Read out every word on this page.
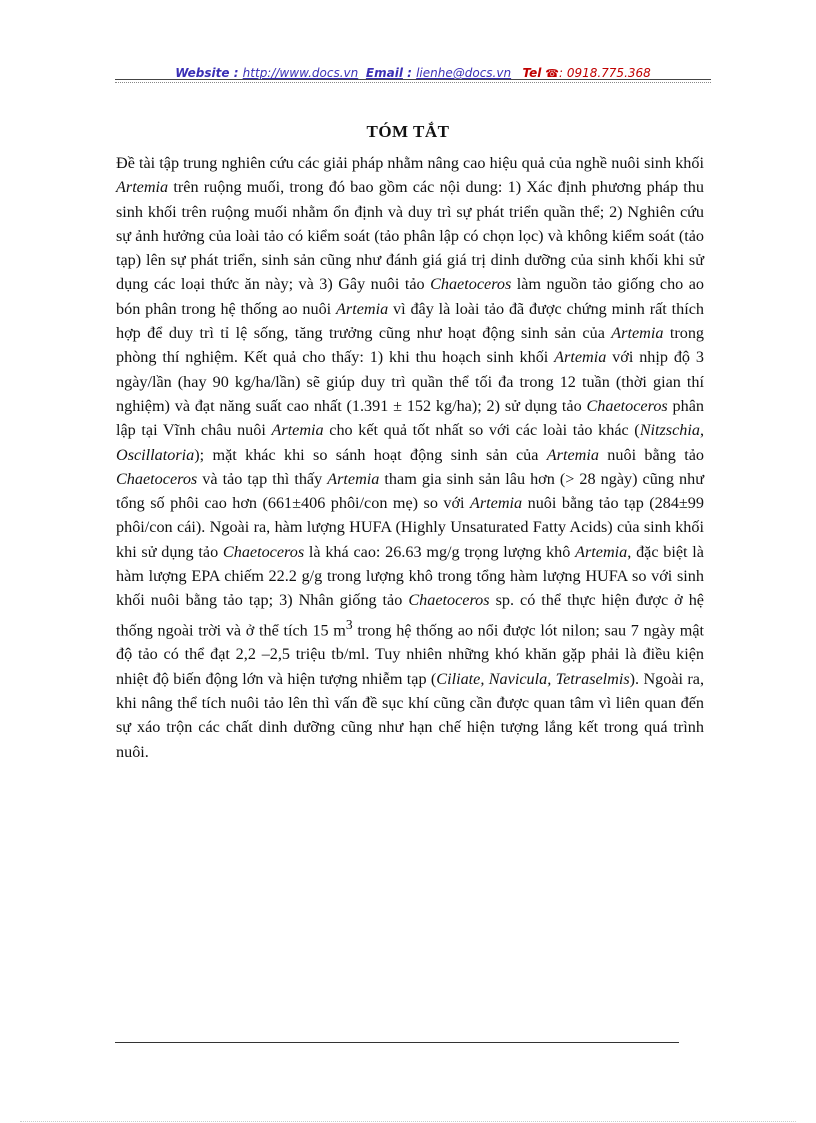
Website : http://www.docs.vn Email : lienhe@docs.vn Tel ☎: 0918.775.368
TÓM TẮT
Đề tài tập trung nghiên cứu các giải pháp nhằm nâng cao hiệu quả của nghề nuôi sinh khối Artemia trên ruộng muối, trong đó bao gồm các nội dung: 1) Xác định phương pháp thu sinh khối trên ruộng muối nhằm ổn định và duy trì sự phát triển quần thể; 2) Nghiên cứu sự ảnh hưởng của loài tảo có kiểm soát (tảo phân lập có chọn lọc) và không kiểm soát (tảo tạp) lên sự phát triển, sinh sản cũng như đánh giá giá trị dinh dưỡng của sinh khối khi sử dụng các loại thức ăn này; và 3) Gây nuôi tảo Chaetoceros làm nguồn tảo giống cho ao bón phân trong hệ thống ao nuôi Artemia vì đây là loài tảo đã được chứng minh rất thích hợp để duy trì tỉ lệ sống, tăng trưởng cũng như hoạt động sinh sản của Artemia trong phòng thí nghiệm. Kết quả cho thấy: 1) khi thu hoạch sinh khối Artemia với nhịp độ 3 ngày/lần (hay 90 kg/ha/lần) sẽ giúp duy trì quần thể tối đa trong 12 tuần (thời gian thí nghiệm) và đạt năng suất cao nhất (1.391 ± 152 kg/ha); 2) sử dụng tảo Chaetoceros phân lập tại Vĩnh châu nuôi Artemia cho kết quả tốt nhất so với các loài tảo khác (Nitzschia, Oscillatoria); mặt khác khi so sánh hoạt động sinh sản của Artemia nuôi bằng tảo Chaetoceros và tảo tạp thì thấy Artemia tham gia sinh sản lâu hơn (> 28 ngày) cũng như tổng số phôi cao hơn (661±406 phôi/con mẹ) so với Artemia nuôi bằng tảo tạp (284±99 phôi/con cái). Ngoài ra, hàm lượng HUFA (Highly Unsaturated Fatty Acids) của sinh khối khi sử dụng tảo Chaetoceros là khá cao: 26.63 mg/g trọng lượng khô Artemia, đặc biệt là hàm lượng EPA chiếm 22.2 g/g trong lượng khô trong tổng hàm lượng HUFA so với sinh khối nuôi bằng tảo tạp; 3) Nhân giống tảo Chaetoceros sp. có thể thực hiện được ở hệ thống ngoài trời và ở thể tích 15 $m^3$ trong hệ thống ao nổi được lót nilon; sau 7 ngày mật độ tảo có thể đạt 2,2 –2,5 triệu tb/ml. Tuy nhiên những khó khăn gặp phải là điều kiện nhiệt độ biến động lớn và hiện tượng nhiễm tạp (Ciliate, Navicula, Tetraselmis). Ngoài ra, khi nâng thể tích nuôi tảo lên thì vấn đề sục khí cũng cần được quan tâm vì liên quan đến sự xáo trộn các chất dinh dưỡng cũng như hạn chế hiện tượng lắng kết trong quá trình nuôi.
